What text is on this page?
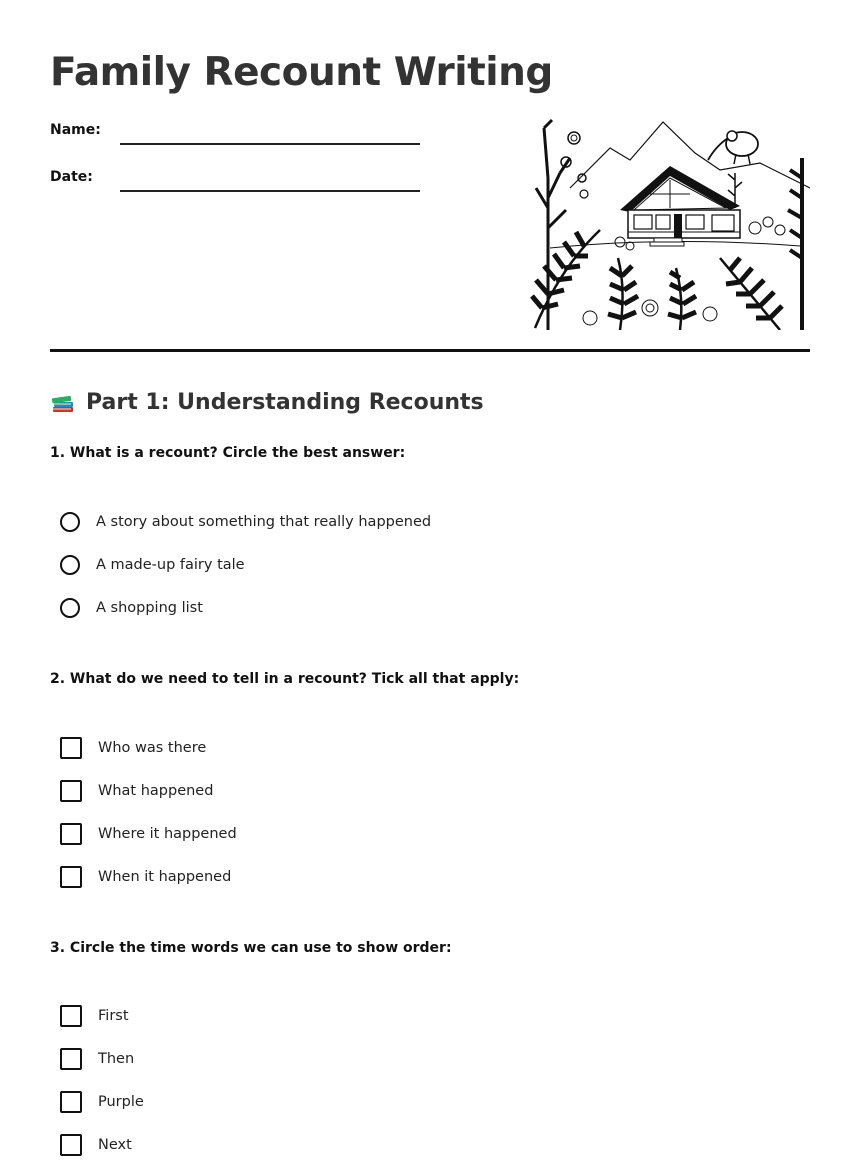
Family Recount Writing
Name:
Date:
Part 1: Understanding Recounts

1. What is a recount? Circle the best answer:

A story about something that really happened
A made-up fairy tale
A shopping list

2. What do we need to tell in a recount? Tick all that apply:

Who was there
What happened
Where it happened
When it happened

3. Circle the time words we can use to show order:

First
Then
Purple
Next
